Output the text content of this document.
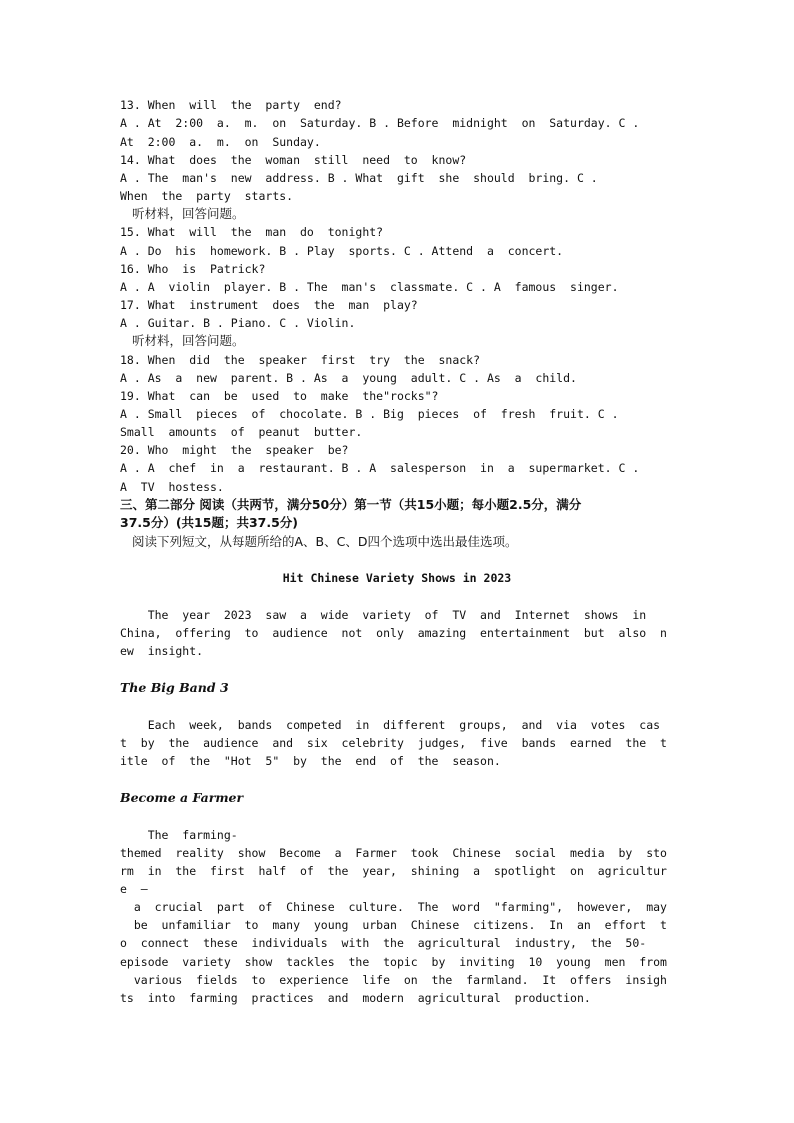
13. When  will  the  party  end?
A . At  2:00  a.  m.  on  Saturday. B . Before  midnight  on  Saturday. C .
At  2:00  a.  m.  on  Sunday.
14. What  does  the  woman  still  need  to  know?
A . The  man's  new  address. B . What  gift  she  should  bring. C .
When  the  party  starts.
听材料，回答问题。
15. What  will  the  man  do  tonight?
A . Do  his  homework. B . Play  sports. C . Attend  a  concert.
16. Who  is  Patrick?
A . A  violin  player. B . The  man's  classmate. C . A  famous  singer.
17. What  instrument  does  the  man  play?
A . Guitar. B . Piano. C . Violin.
听材料，回答问题。
18. When  did  the  speaker  first  try  the  snack?
A . As  a  new  parent. B . As  a  young  adult. C . As  a  child.
19. What  can  be  used  to  make  the"rocks"?
A . Small  pieces  of  chocolate. B . Big  pieces  of  fresh  fruit. C .
Small  amounts  of  peanut  butter.
20. Who  might  the  speaker  be?
A . A  chef  in  a  restaurant. B . A  salesperson  in  a  supermarket. C .
A  TV  hostess.
三、第二部分 阅读（共两节，满分50分）第一节（共15小题；每小题2.5分，满分
37.5分）(共15题；共37.5分)
阅读下列短文，从每题所给的A、B、C、D四个选项中选出最佳选项。
Hit Chinese Variety Shows in 2023
The  year  2023  saw  a  wide  variety  of  TV  and  Internet  shows  in
China,  offering  to  audience  not  only  amazing  entertainment  but  also  n
ew  insight.
The Big Band 3
Each  week,  bands  competed  in  different  groups,  and  via  votes  cas
t  by  the  audience  and  six  celebrity  judges,  five  bands  earned  the  t
itle  of  the  "Hot  5"  by  the  end  of  the  season.
Become a Farmer
The  farming-
themed  reality  show  Become  a  Farmer  took  Chinese  social  media  by  sto
rm  in  the  first  half  of  the  year,  shining  a  spotlight  on  agricultur
e  —
a  crucial  part  of  Chinese  culture.  The  word  "farming",  however,  may
be  unfamiliar  to  many  young  urban  Chinese  citizens.  In  an  effort  t
o  connect  these  individuals  with  the  agricultural  industry,  the  50-
episode  variety  show  tackles  the  topic  by  inviting  10  young  men  from
various  fields  to  experience  life  on  the  farmland.  It  offers  insigh
ts  into  farming  practices  and  modern  agricultural  production.
